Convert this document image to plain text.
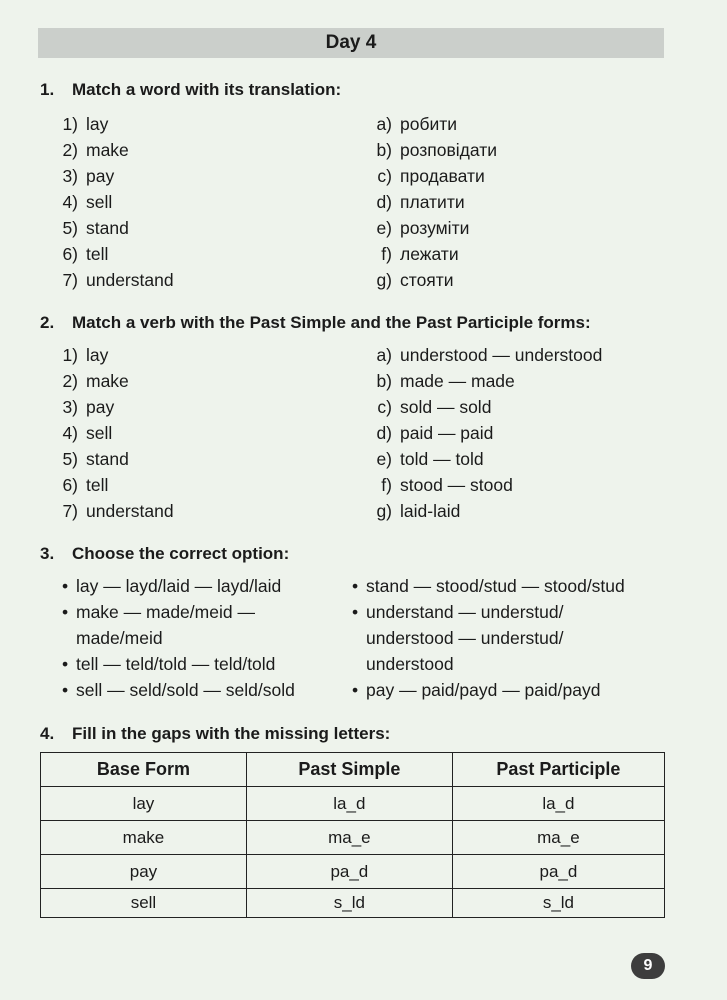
Day 4
1. Match a word with its translation:
1) lay
2) make
3) pay
4) sell
5) stand
6) tell
7) understand
a) робити
b) розповідати
c) продавати
d) платити
e) розуміти
f) лежати
g) стояти
2. Match a verb with the Past Simple and the Past Participle forms:
1) lay
2) make
3) pay
4) sell
5) stand
6) tell
7) understand
a) understood — understood
b) made — made
c) sold — sold
d) paid — paid
e) told — told
f) stood — stood
g) laid-laid
3. Choose the correct option:
• lay — layd/laid — layd/laid
• make — made/meid —
made/meid
• tell — teld/told — teld/told
• sell — seld/sold — seld/sold
• stand — stood/stud — stood/stud
• understand — understud/
understood — understud/
understood
• pay — paid/payd — paid/payd
4. Fill in the gaps with the missing letters:
Base Form	Past Simple	Past Participle
lay	la_d	la_d
make	ma_e	ma_e
pay	pa_d	pa_d
sell	s_ld	s_ld
9
